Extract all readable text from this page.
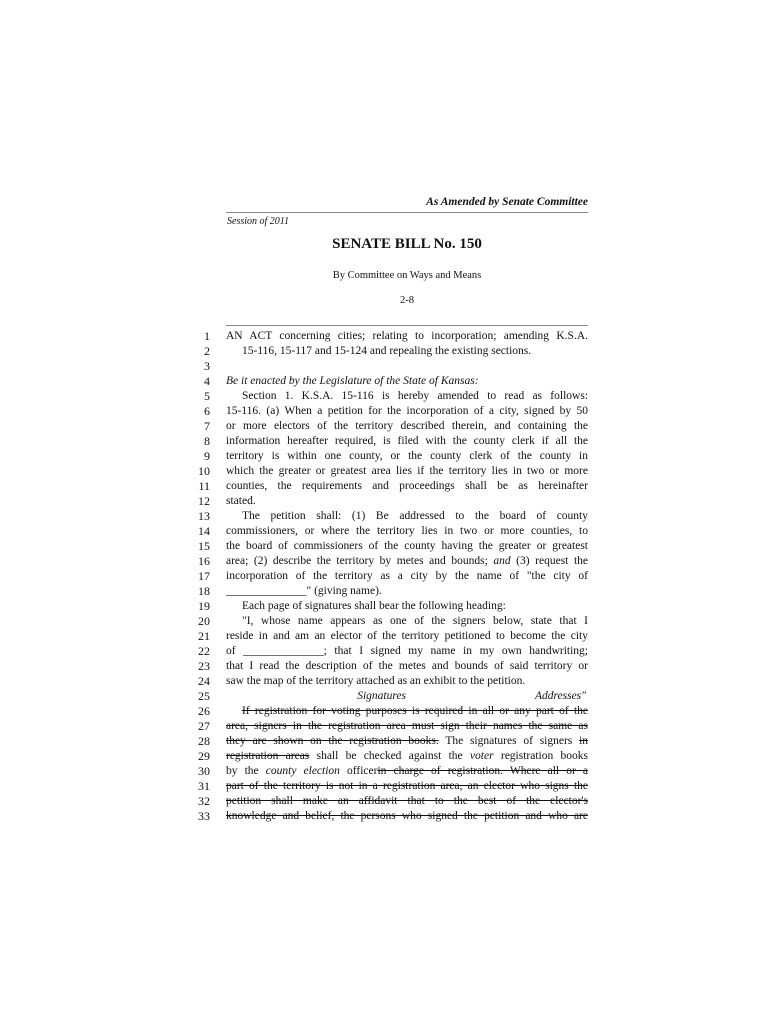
As Amended by Senate Committee
Session of 2011
SENATE BILL No. 150
By Committee on Ways and Means
2-8
1
2
3
4
5
6
7
8
9
10
11
12
13
14
15
16
17
18
19
20
21
22
23
24
25
26
27
28
29
30
31
32
33
AN ACT concerning cities; relating to incorporation; amending K.S.A.
15-116, 15-117 and 15-124 and repealing the existing sections.
Be it enacted by the Legislature of the State of Kansas:
Section 1. K.S.A. 15-116 is hereby amended to read as follows:
15-116. (a) When a petition for the incorporation of a city, signed by 50
or more electors of the territory described therein, and containing the
information hereafter required, is filed with the county clerk if all the
territory is within one county, or the county clerk of the county in
which the greater or greatest area lies if the territory lies in two or more
counties, the requirements and proceedings shall be as hereinafter
stated.
The petition shall: (1) Be addressed to the board of county
commissioners, or where the territory lies in two or more counties, to
the board of commissioners of the county having the greater or greatest
area; (2) describe the territory by metes and bounds; and (3) request the
incorporation of the territory as a city by the name of "the city of
______________" (giving name).
Each page of signatures shall bear the following heading:
"I, whose name appears as one of the signers below, state that I
reside in and am an elector of the territory petitioned to become the city
of ______________; that I signed my name in my own handwriting;
that I read the description of the metes and bounds of said territory or
saw the map of the territory attached as an exhibit to the petition.
Signatures	Addresses"
If registration for voting purposes is required in all or any part of the
area, signers in the registration area must sign their names the same as
they are shown on the registration books. The signatures of signers in
registration areas shall be checked against the voter registration books
by the county election officerin charge of registration. Where all or a
part of the territory is not in a registration area, an elector who signs the
petition shall make an affidavit that to the best of the elector's
knowledge and belief, the persons who signed the petition and who are
